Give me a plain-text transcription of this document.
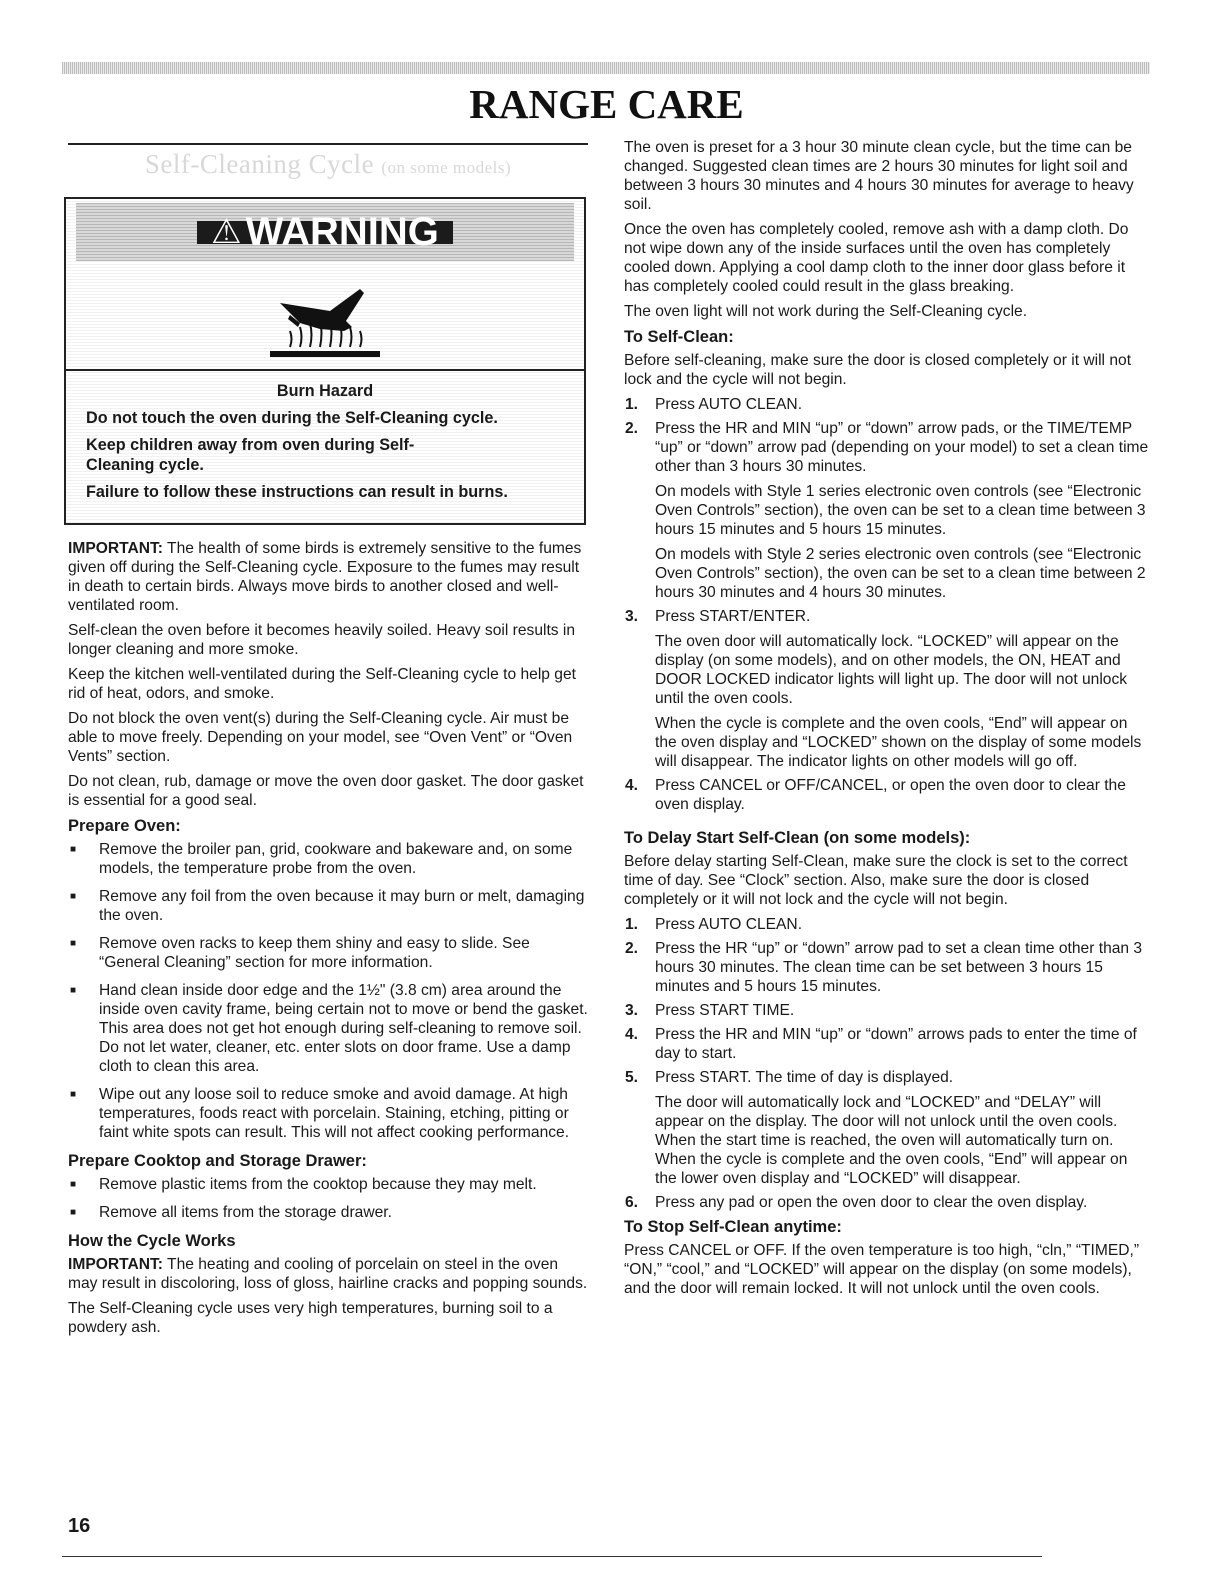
RANGE CARE
Self-Cleaning Cycle (on some models)
⚠ WARNING

Burn Hazard

Do not touch the oven during the Self-Cleaning cycle.

Keep children away from oven during Self-Cleaning cycle.

Failure to follow these instructions can result in burns.

IMPORTANT: The health of some birds is extremely sensitive to the fumes given off during the Self-Cleaning cycle. Exposure to the fumes may result in death to certain birds. Always move birds to another closed and well-ventilated room.

Self-clean the oven before it becomes heavily soiled. Heavy soil results in longer cleaning and more smoke.

Keep the kitchen well-ventilated during the Self-Cleaning cycle to help get rid of heat, odors, and smoke.

Do not block the oven vent(s) during the Self-Cleaning cycle. Air must be able to move freely. Depending on your model, see “Oven Vent” or “Oven Vents” section.

Do not clean, rub, damage or move the oven door gasket. The door gasket is essential for a good seal.

Prepare Oven:
■ Remove the broiler pan, grid, cookware and bakeware and, on some models, the temperature probe from the oven.
■ Remove any foil from the oven because it may burn or melt, damaging the oven.
■ Remove oven racks to keep them shiny and easy to slide. See “General Cleaning” section for more information.
■ Hand clean inside door edge and the 1½" (3.8 cm) area around the inside oven cavity frame, being certain not to move or bend the gasket. This area does not get hot enough during self-cleaning to remove soil. Do not let water, cleaner, etc. enter slots on door frame. Use a damp cloth to clean this area.
■ Wipe out any loose soil to reduce smoke and avoid damage. At high temperatures, foods react with porcelain. Staining, etching, pitting or faint white spots can result. This will not affect cooking performance.
Prepare Cooktop and Storage Drawer:
■ Remove plastic items from the cooktop because they may melt.
■ Remove all items from the storage drawer.
How the Cycle Works

IMPORTANT: The heating and cooling of porcelain on steel in the oven may result in discoloring, loss of gloss, hairline cracks and popping sounds.

The Self-Cleaning cycle uses very high temperatures, burning soil to a powdery ash.

The oven is preset for a 3 hour 30 minute clean cycle, but the time can be changed. Suggested clean times are 2 hours 30 minutes for light soil and between 3 hours 30 minutes and 4 hours 30 minutes for average to heavy soil.

Once the oven has completely cooled, remove ash with a damp cloth. Do not wipe down any of the inside surfaces until the oven has completely cooled down. Applying a cool damp cloth to the inner door glass before it has completely cooled could result in the glass breaking.

The oven light will not work during the Self-Cleaning cycle.

To Self-Clean:

Before self-cleaning, make sure the door is closed completely or it will not lock and the cycle will not begin.

1. Press AUTO CLEAN.
2. Press the HR and MIN “up” or “down” arrow pads, or the TIME/TEMP “up” or “down” arrow pad (depending on your model) to set a clean time other than 3 hours 30 minutes.
On models with Style 1 series electronic oven controls (see “Electronic Oven Controls” section), the oven can be set to a clean time between 3 hours 15 minutes and 5 hours 15 minutes.
On models with Style 2 series electronic oven controls (see “Electronic Oven Controls” section), the oven can be set to a clean time between 2 hours 30 minutes and 4 hours 30 minutes.
3. Press START/ENTER.
The oven door will automatically lock. “LOCKED” will appear on the display (on some models), and on other models, the ON, HEAT and DOOR LOCKED indicator lights will light up. The door will not unlock until the oven cools.
When the cycle is complete and the oven cools, “End” will appear on the oven display and “LOCKED” shown on the display of some models will disappear. The indicator lights on other models will go off.
4. Press CANCEL or OFF/CANCEL, or open the oven door to clear the oven display.
To Delay Start Self-Clean (on some models):

Before delay starting Self-Clean, make sure the clock is set to the correct time of day. See “Clock” section. Also, make sure the door is closed completely or it will not lock and the cycle will not begin.

1. Press AUTO CLEAN.
2. Press the HR “up” or “down” arrow pad to set a clean time other than 3 hours 30 minutes. The clean time can be set between 3 hours 15 minutes and 5 hours 15 minutes.
3. Press START TIME.
4. Press the HR and MIN “up” or “down” arrows pads to enter the time of day to start.
5. Press START. The time of day is displayed.
The door will automatically lock and “LOCKED” and “DELAY” will appear on the display. The door will not unlock until the oven cools. When the start time is reached, the oven will automatically turn on. When the cycle is complete and the oven cools, “End” will appear on the lower oven display and “LOCKED” will disappear.
6. Press any pad or open the oven door to clear the oven display.
To Stop Self-Clean anytime:

Press CANCEL or OFF. If the oven temperature is too high, “cln,” “TIMED,” “ON,” “cool,” and “LOCKED” will appear on the display (on some models), and the door will remain locked. It will not unlock until the oven cools.

16
